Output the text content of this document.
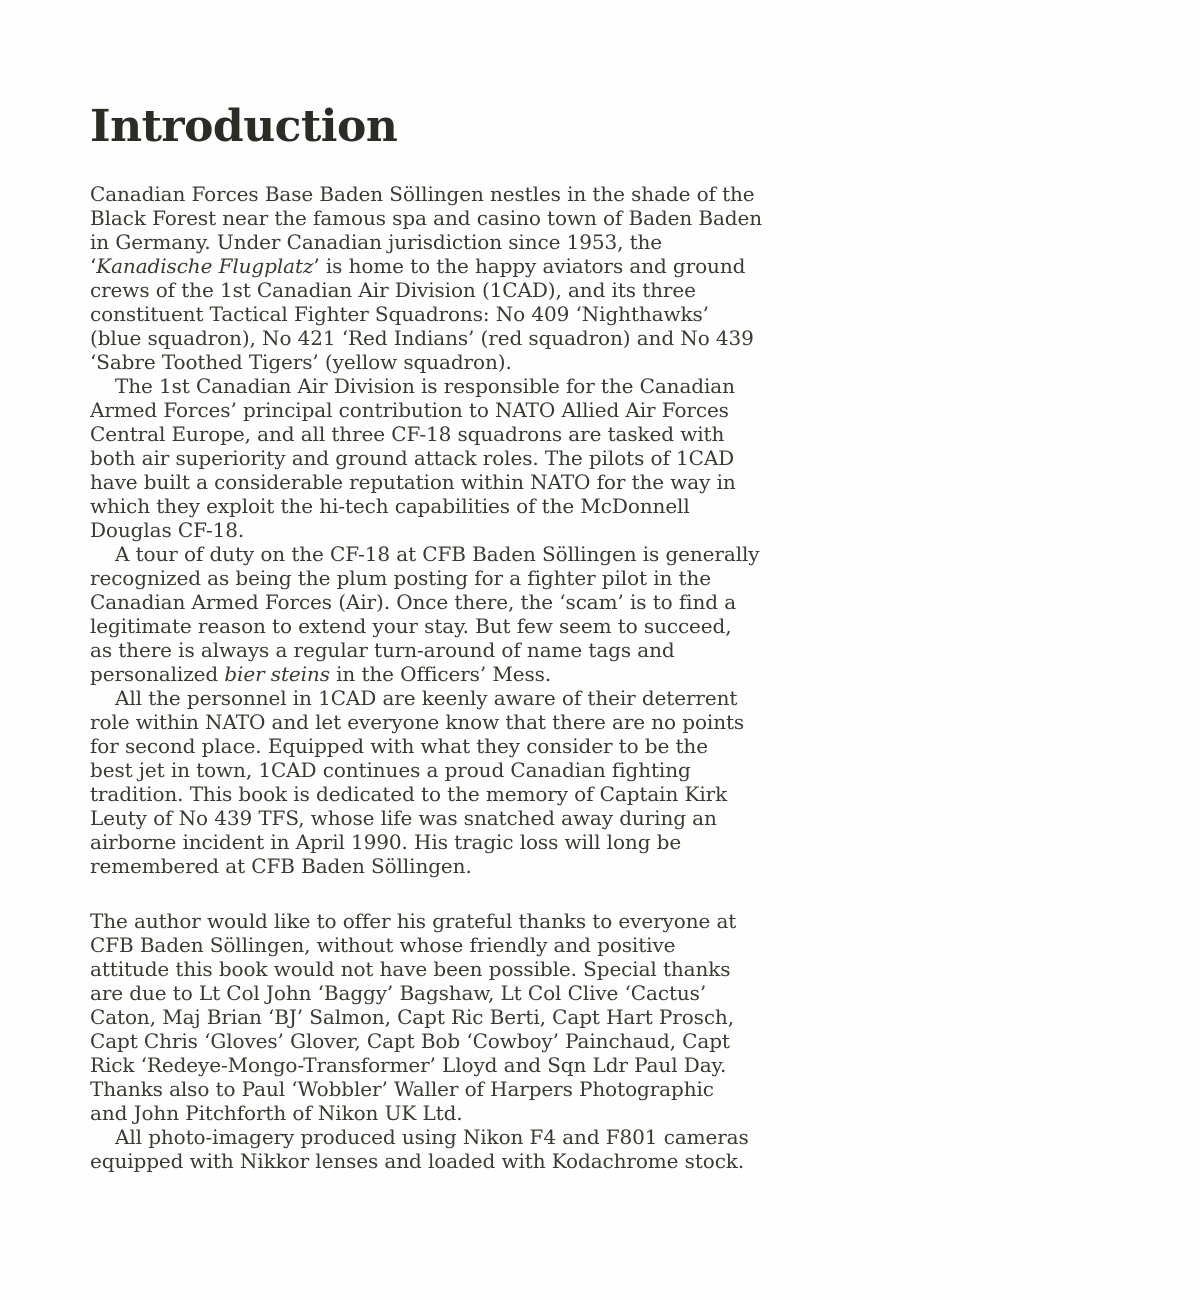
Introduction
Canadian Forces Base Baden Söllingen nestles in the shade of the
Black Forest near the famous spa and casino town of Baden Baden
in Germany. Under Canadian jurisdiction since 1953, the
‘Kanadische Flugplatz’ is home to the happy aviators and ground
crews of the 1st Canadian Air Division (1CAD), and its three
constituent Tactical Fighter Squadrons: No 409 ‘Nighthawks’
(blue squadron), No 421 ‘Red Indians’ (red squadron) and No 439
‘Sabre Toothed Tigers’ (yellow squadron).
The 1st Canadian Air Division is responsible for the Canadian
Armed Forces’ principal contribution to NATO Allied Air Forces
Central Europe, and all three CF-18 squadrons are tasked with
both air superiority and ground attack roles. The pilots of 1CAD
have built a considerable reputation within NATO for the way in
which they exploit the hi-tech capabilities of the McDonnell
Douglas CF-18.
A tour of duty on the CF-18 at CFB Baden Söllingen is generally
recognized as being the plum posting for a fighter pilot in the
Canadian Armed Forces (Air). Once there, the ‘scam’ is to find a
legitimate reason to extend your stay. But few seem to succeed,
as there is always a regular turn-around of name tags and
personalized bier steins in the Officers’ Mess.
All the personnel in 1CAD are keenly aware of their deterrent
role within NATO and let everyone know that there are no points
for second place. Equipped with what they consider to be the
best jet in town, 1CAD continues a proud Canadian fighting
tradition. This book is dedicated to the memory of Captain Kirk
Leuty of No 439 TFS, whose life was snatched away during an
airborne incident in April 1990. His tragic loss will long be
remembered at CFB Baden Söllingen.
The author would like to offer his grateful thanks to everyone at
CFB Baden Söllingen, without whose friendly and positive
attitude this book would not have been possible. Special thanks
are due to Lt Col John ‘Baggy’ Bagshaw, Lt Col Clive ‘Cactus’
Caton, Maj Brian ‘BJ’ Salmon, Capt Ric Berti, Capt Hart Prosch,
Capt Chris ‘Gloves’ Glover, Capt Bob ‘Cowboy’ Painchaud, Capt
Rick ‘Redeye-Mongo-Transformer’ Lloyd and Sqn Ldr Paul Day.
Thanks also to Paul ‘Wobbler’ Waller of Harpers Photographic
and John Pitchforth of Nikon UK Ltd.
All photo-imagery produced using Nikon F4 and F801 cameras
equipped with Nikkor lenses and loaded with Kodachrome stock.
